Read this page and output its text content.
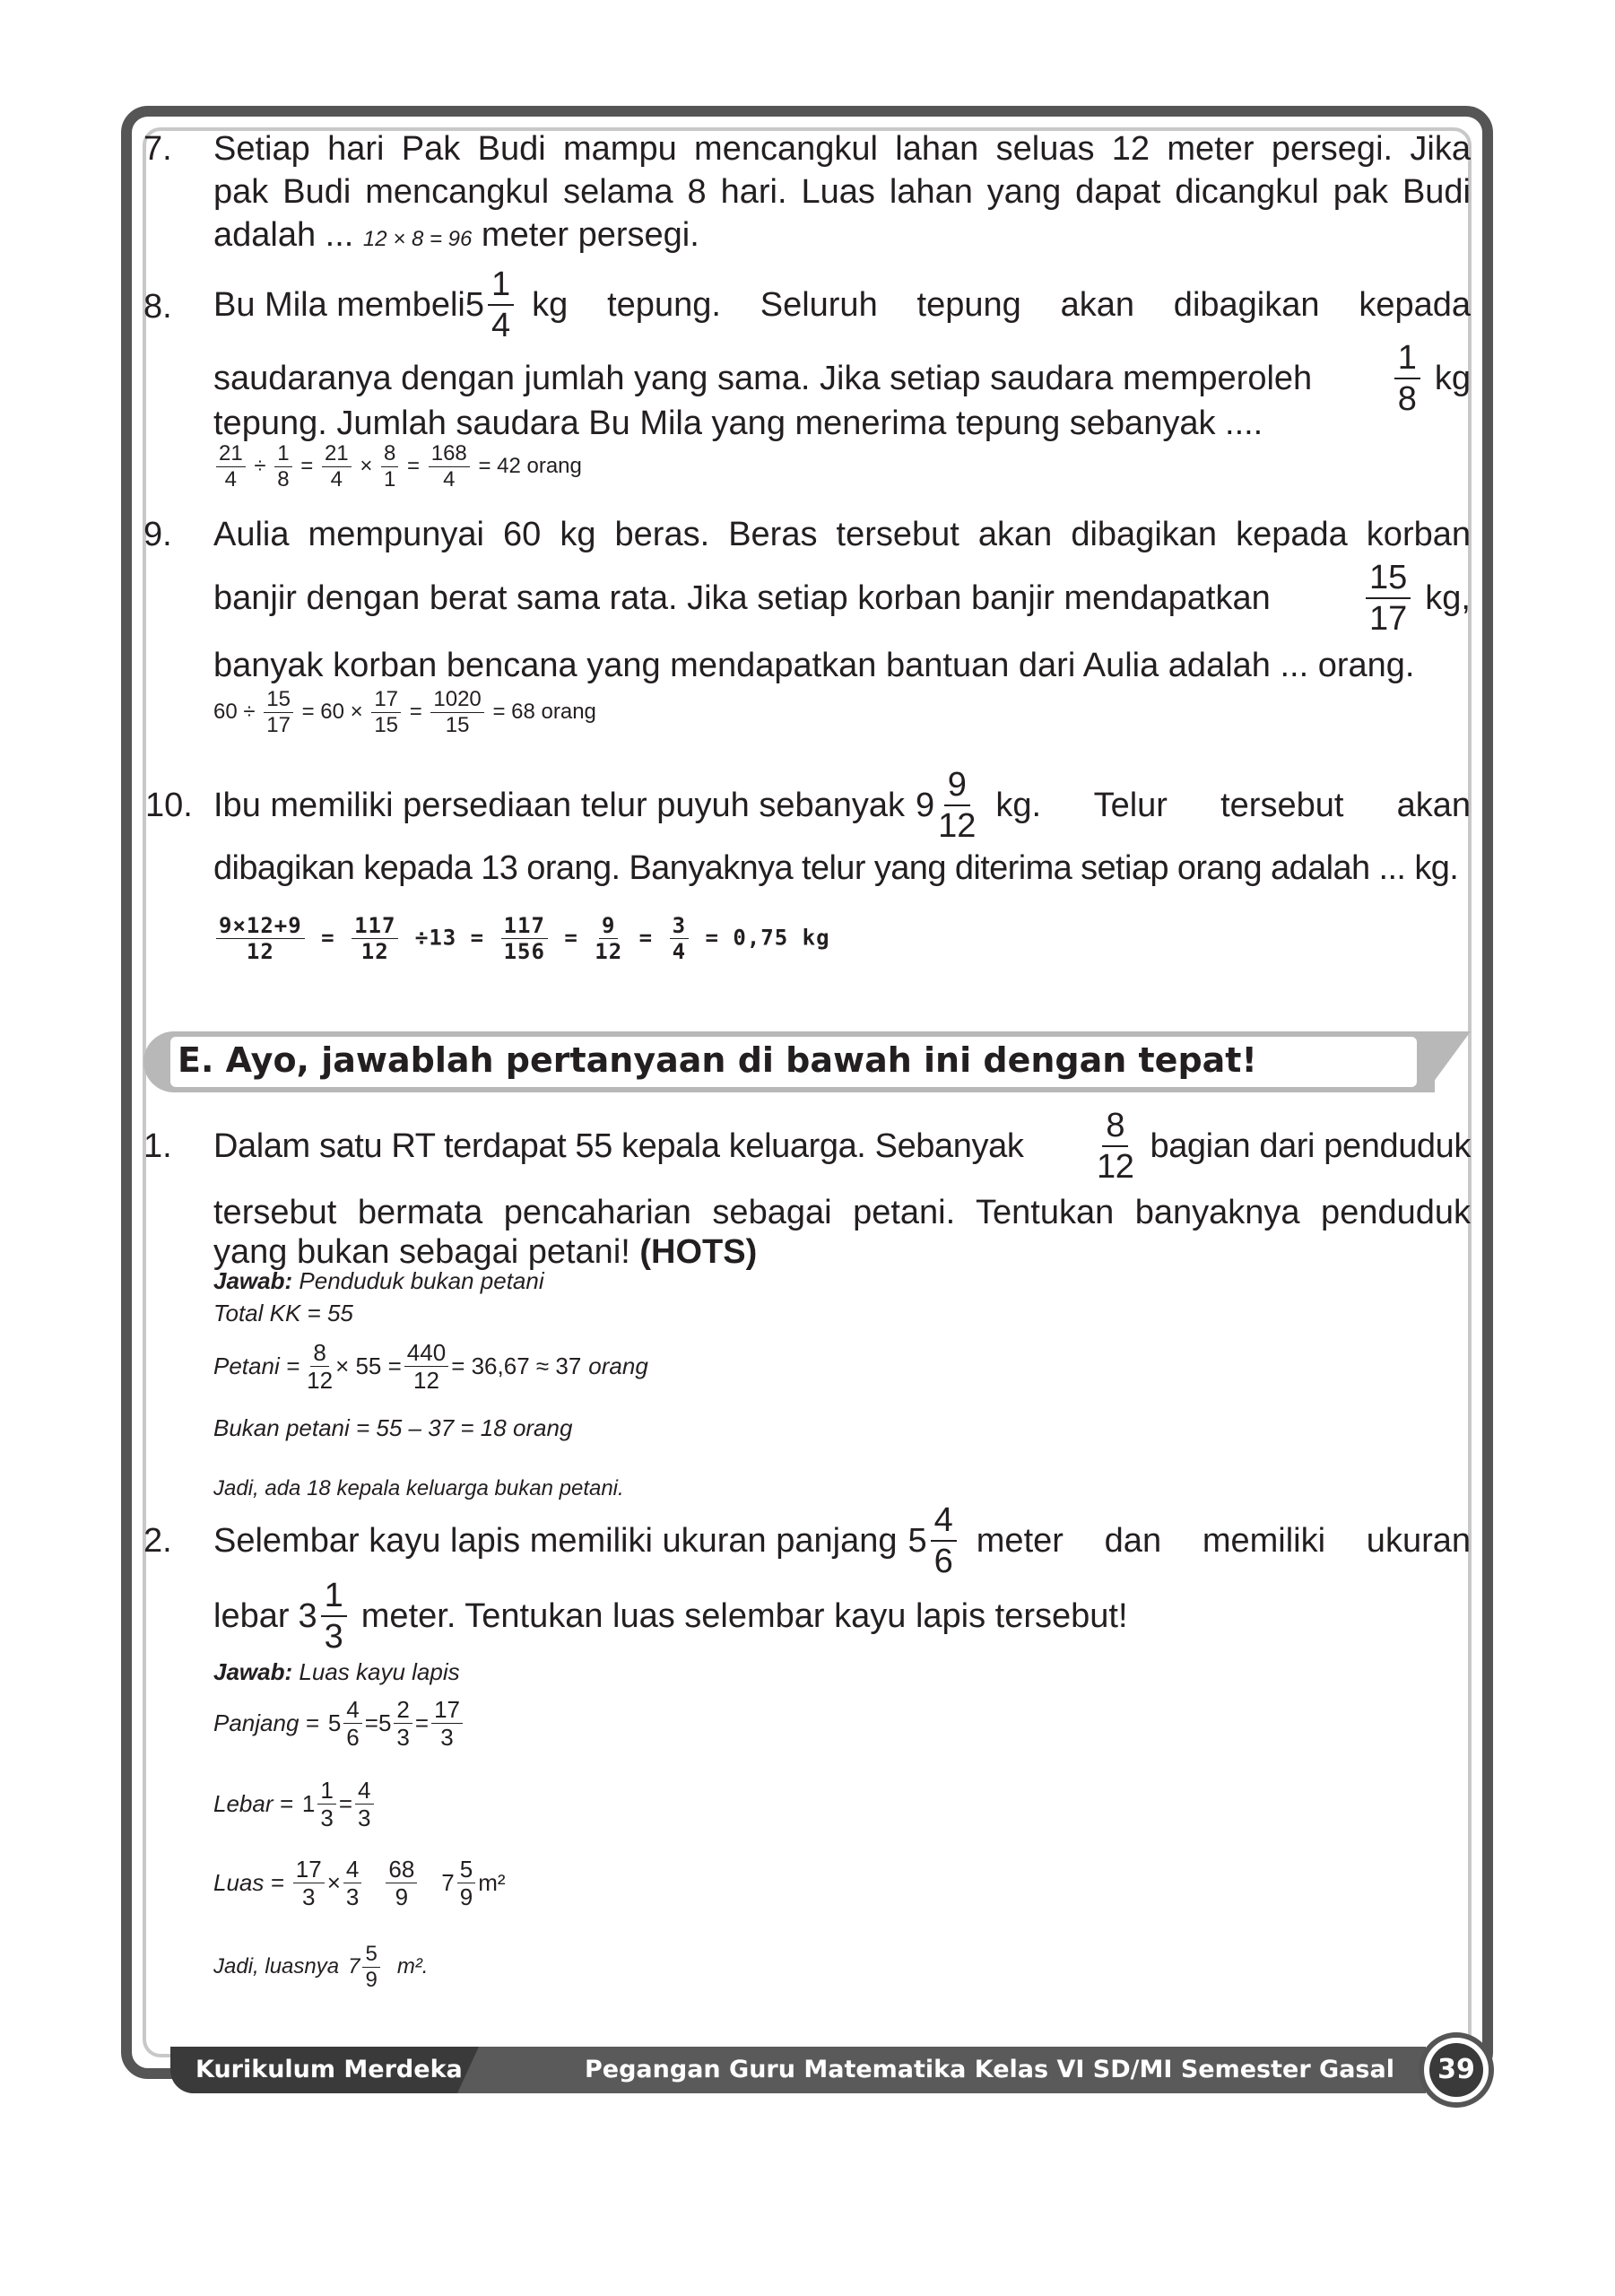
7.	Setiap hari Pak Budi mampu mencangkul lahan seluas 12 meter persegi. Jika
pak Budi mencangkul selama 8 hari. Luas lahan yang dapat dicangkul pak Budi
adalah ... 12 × 8 = 96 meter persegi.
8.	Bu Mila membeli $5 \frac{1}{4}$ kg tepung. Seluruh tepung akan dibagikan kepada
saudaranya dengan jumlah yang sama. Jika setiap saudara memperoleh $\frac{1}{8}$ kg
tepung. Jumlah saudara Bu Mila yang menerima tepung sebanyak ....
$\frac{21}{4} \div \frac{1}{8} = \frac{21}{4} \times \frac{8}{1} = \frac{168}{4} = 42$ orang
9.	Aulia mempunyai 60 kg beras. Beras tersebut akan dibagikan kepada korban
banjir dengan berat sama rata. Jika setiap korban banjir mendapatkan	$\frac{15}{17}$ kg,
banyak korban bencana yang mendapatkan bantuan dari Aulia adalah ... orang.
$60 \div \frac{15}{17} = 60 \times \frac{17}{15} = \frac{1020}{15} = 68$ orang
10. Ibu memiliki persediaan telur puyuh sebanyak $9 \frac{9}{12}$ kg. Telur tersebut akan
dibagikan kepada 13 orang. Banyaknya telur yang diterima setiap orang adalah ... kg.
$\frac{9\times 12+9}{12} = \frac{117}{12} \div 13 = \frac{117}{156} = \frac{9}{12} = \frac{3}{4} = 0,75$ kg
E. Ayo, jawablah pertanyaan di bawah ini dengan tepat!
1.	Dalam satu RT terdapat 55 kepala keluarga. Sebanyak $\frac{8}{12}$ bagian dari penduduk
tersebut bermata pencaharian sebagai petani. Tentukan banyaknya penduduk
yang bukan sebagai petani! (HOTS)
Jawab: Penduduk bukan petani
Total KK = 55
$Petani = \frac{8}{12} \times 55 = \frac{440}{12} = 36,67 \approx 37$ orang
Bukan petani = 55 – 37 = 18 orang
Jadi, ada 18 kepala keluarga bukan petani.
2.	Selembar kayu lapis memiliki ukuran panjang $5 \frac{4}{6}$ meter dan memiliki ukuran
lebar $3 \frac{1}{3}$ meter. Tentukan luas selembar kayu lapis tersebut!
Jawab: Luas kayu lapis
Panjang = $5 \frac{4}{6} = 5 \frac{2}{3} = \frac{17}{3}$
Lebar = $1 \frac{1}{3} = \frac{4}{3}$
Luas = $\frac{17}{3} \times \frac{4}{3} \frac{68}{9} 7 \frac{5}{9} m^2$
Jadi, luasnya $7 \frac{5}{9} m^2$.
Kurikulum Merdeka	Pegangan Guru Matematika Kelas VI SD/MI Semester Gasal	39
